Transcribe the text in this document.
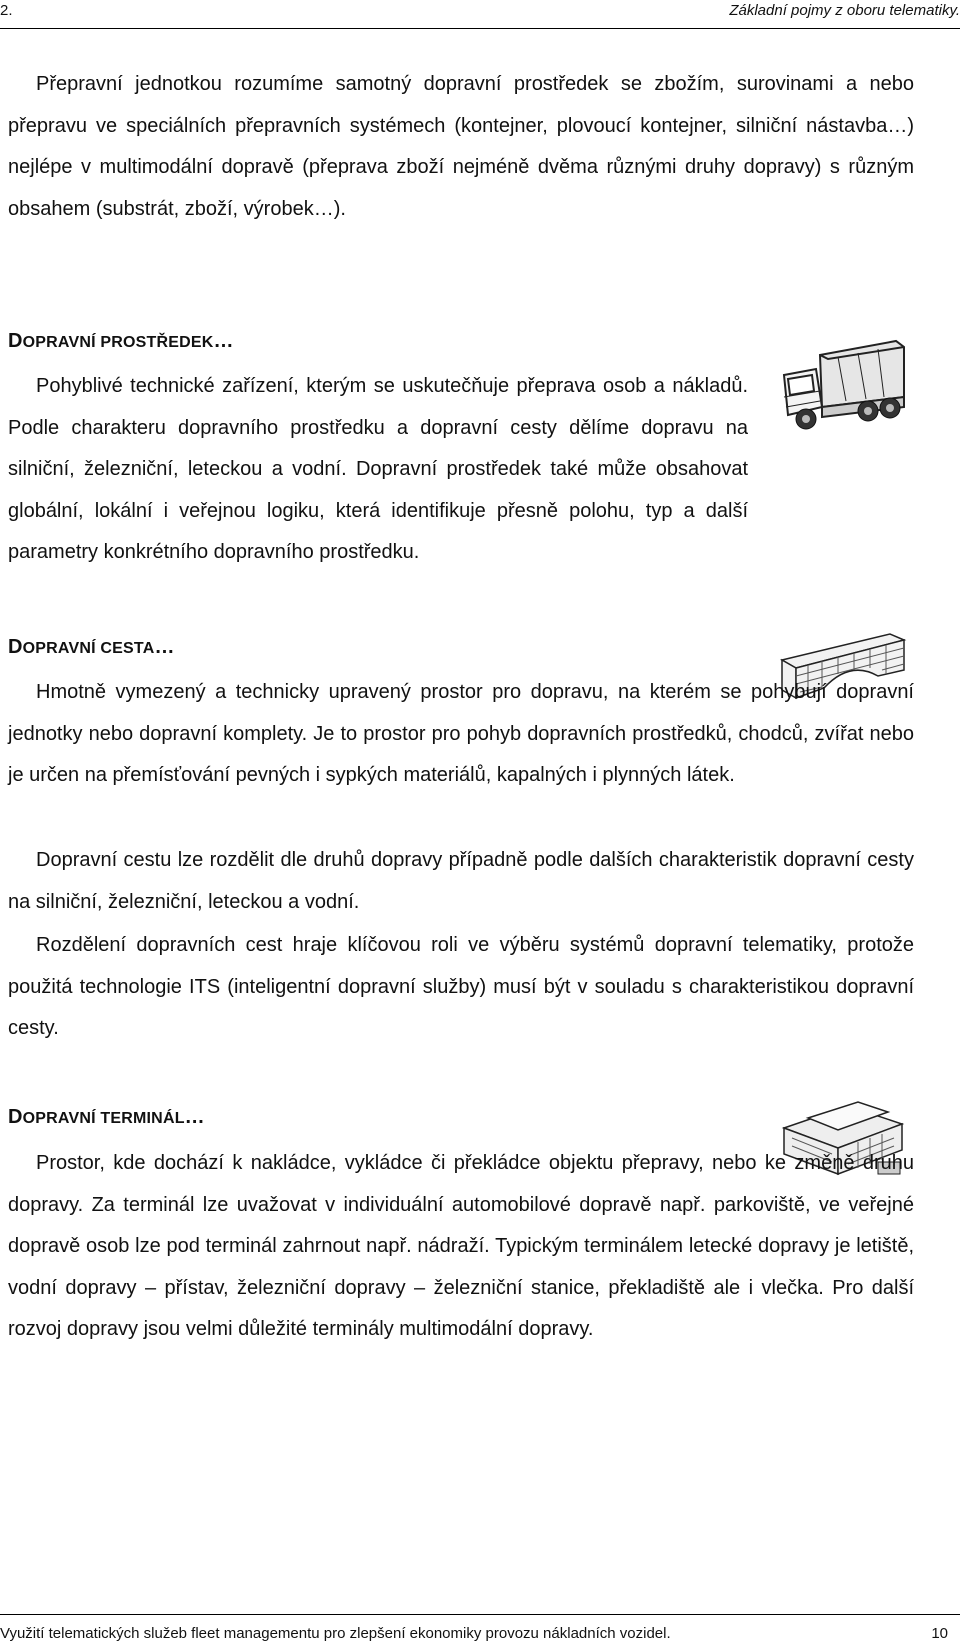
2.	Základní pojmy z oboru telematiky.
Přepravní jednotkou rozumíme samotný dopravní prostředek se zbožím, surovinami a nebo přepravu ve speciálních přepravních systémech (kontejner, plovoucí kontejner, silniční nástavba…) nejlépe v multimodální dopravě (přeprava zboží nejméně dvěma různými druhy dopravy) s různým obsahem (substrát, zboží, výrobek…).
DOPRAVNÍ PROSTŘEDEK…
Pohyblivé technické zařízení, kterým se uskutečňuje přeprava osob a nákladů. Podle charakteru dopravního prostředku a dopravní cesty dělíme dopravu na silniční, železniční, leteckou a vodní. Dopravní prostředek také může obsahovat globální, lokální i veřejnou logiku, která identifikuje přesně polohu, typ a další parametry konkrétního dopravního prostředku.
DOPRAVNÍ CESTA…
Hmotně vymezený a technicky upravený prostor pro dopravu, na kterém se pohybují dopravní jednotky nebo dopravní komplety. Je to prostor pro pohyb dopravních prostředků, chodců, zvířat nebo je určen na přemísťování pevných i sypkých materiálů, kapalných i plynných látek.
Dopravní cestu lze rozdělit dle druhů dopravy případně podle dalších charakteristik dopravní cesty na silniční, železniční, leteckou a vodní.
Rozdělení dopravních cest hraje klíčovou roli ve výběru systémů dopravní telematiky, protože použitá technologie ITS (inteligentní dopravní služby) musí být v souladu s charakteristikou dopravní cesty.
DOPRAVNÍ TERMINÁL…
Prostor, kde dochází k nakládce, vykládce či překládce objektu přepravy, nebo ke změně druhu dopravy. Za terminál lze uvažovat v individuální automobilové dopravě např. parkoviště, ve veřejné dopravě osob lze pod terminál zahrnout např. nádraží. Typickým terminálem letecké dopravy je letiště, vodní dopravy – přístav, železniční dopravy – železniční stanice, překladiště ale i vlečka. Pro další rozvoj dopravy jsou velmi důležité terminály multimodální dopravy.
Využití telematických služeb fleet managementu pro zlepšení ekonomiky provozu nákladních vozidel.	10
